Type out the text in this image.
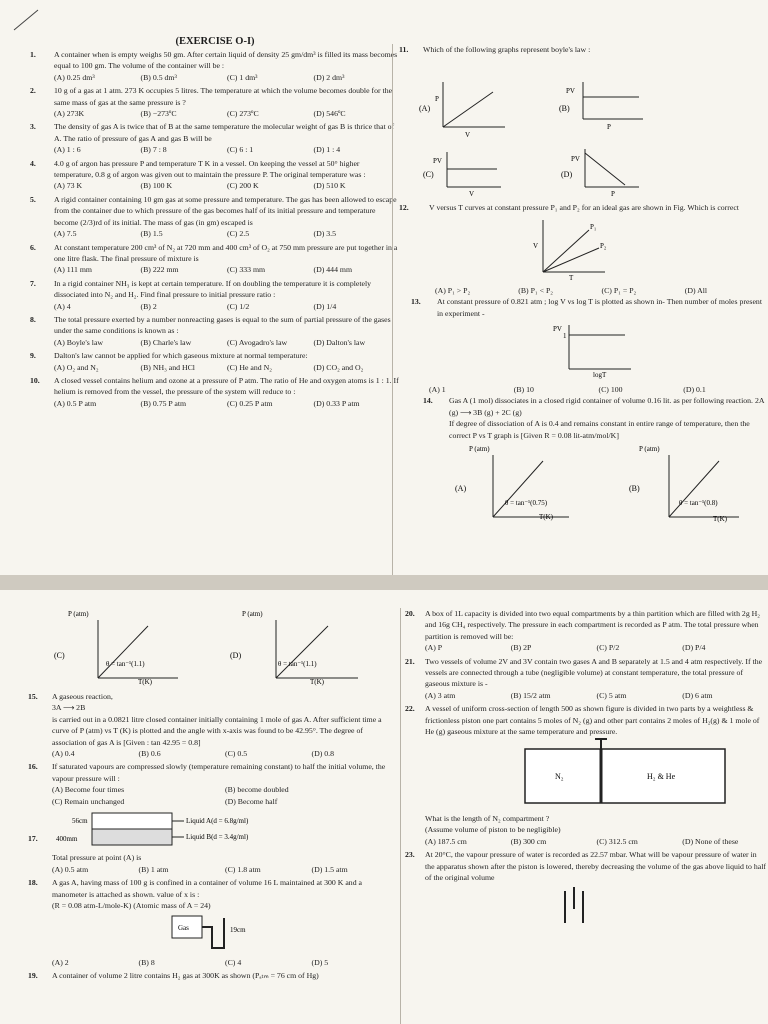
(EXERCISE O-I)
1. A container when is empty weighs 50 gm. After certain liquid of density 25 gm/dm³ is filled its mass becomes equal to 100 gm. The volume of the container will be :
(A) 0.25 dm³	(B) 0.5 dm³	(C) 1 dm³	(D) 2 dm³
2. 10 g of a gas at 1 atm. 273 K occupies 5 litres. The temperature at which the volume becomes double for the same mass of gas at the same pressure is ?
(A) 273K	(B) −273ºC	(C) 273ºC	(D) 546ºC
3. The density of gas A is twice that of B at the same temperature the molecular weight of gas B is thrice that of A. The ratio of pressure of gas A and gas B will be
(A) 1 : 6	(B) 7 : 8	(C) 6 : 1	(D) 1 : 4
4. 4.0 g of argon has pressure P and temperature T K in a vessel. On keeping the vessel at 50° higher temperature, 0.8 g of argon was given out to maintain the pressure P. The original temperature was :
(A) 73 K	(B) 100 K	(C) 200 K	(D) 510 K
5. A rigid container containing 10 gm gas at some pressure and temperature. The gas has been allowed to escape from the container due to which pressure of the gas becomes half of its initial pressure and temperature become (2/3)rd of its initial. The mass of gas (in gm) escaped is
(A) 7.5	(B) 1.5	(C) 2.5	(D) 3.5
6. At constant temperature 200 cm³ of N₂ at 720 mm and 400 cm³ of O₂ at 750 mm pressure are put together in a one litre flask. The final pressure of mixture is
(A) 111 mm	(B) 222 mm	(C) 333 mm	(D) 444 mm
7. In a rigid container NH₃ is kept at certain temperature. If on doubling the temperature it is completely dissociated into N₂ and H₂. Find final pressure to initial pressure ratio :
(A) 4	(B) 2	(C) 1/2	(D) 1/4
8. The total pressure exerted by a number nonreacting gases is equal to the sum of partial pressure of the gases under the same conditions is known as :
(A) Boyle's law	(B) Charle's law	(C) Avogadro's law	(D) Dalton's law
9. Dalton's law cannot be applied for which gaseous mixture at normal temperature:
(A) O₂ and N₂	(B) NH₃ and HCl	(C) He and N₂	(D) CO₂ and O₂
10. A closed vessel contains helium and ozone at a pressure of P atm. The ratio of He and oxygen atoms is 1 : 1. If helium is removed from the vessel, the pressure of the system will reduce to :
(A) 0.5 P atm	(B) 0.75 P atm	(C) 0.25 P atm	(D) 0.33 P atm
11. Which of the following graphs represent boyle's law :
(A)
P
V
(B)
PV
P
(C)
PV
V
(D)
PV
P
12.	V versus T curves at constant pressure P₁ and P₂ for an ideal gas are shown in Fig. Which is correct
P₁
P₂
V
T
(A) P₁ > P₂	(B) P₁ < P₂	(C) P₁ = P₂	(D) All
13. At constant pressure of 0.821 atm ; log V vs log T is plotted as shown in- Then number of moles present in experiment -
PV
1
logT
(A) 1	(B) 10	(C) 100	(D) 0.1
14. Gas A (1 mol) dissociates in a closed rigid container of volume 0.16 lit. as per following reaction. 2A (g) ⟶ 3B (g) + 2C (g)
If degree of dissociation of A is 0.4 and remains constant in entire range of temperature, then the correct P vs T graph is [Given R = 0.08 lit-atm/mol/K]
(A)
P (atm)
θ = tan⁻¹(0.75)
T(K)
(B)
P (atm)
θ = tan⁻¹(0.8)
T(K)
(C)
P (atm)
θ = tan⁻¹(1.1)
T(K)
(D)
P (atm)
θ = tan⁻¹(1.1)
T(K)
15. A gaseous reaction,
3A ⟶ 2B
is carried out in a 0.0821 litre closed container initially containing 1 mole of gas A. After sufficient time a curve of P (atm) vs T (K) is plotted and the angle with x-axis was found to be 42.95°. The degree of association of gas A is [Given : tan 42.95 = 0.8]
(A) 0.4	(B) 0.6	(C) 0.5	(D) 0.8
16. If saturated vapours are compressed slowly (temperature remaining constant) to half the initial volume, the vapour pressure will :
(A) Become four times	(B) become doubled
(C) Remain unchanged	(D) Become half
17.
56cm
400mm
Liquid A(d = 6.8g/ml)
Liquid B(d = 3.4g/ml)
Total pressure at point (A) is
(A) 0.5 atm	(B) 1 atm	(C) 1.8 atm	(D) 1.5 atm
18. A gas A, having mass of 100 g is confined in a container of volume 16 L maintained at 300 K and a manometer is attached as shown. value of x is :
(R = 0.08 atm-L/mole-K) (Atomic mass of A = 24)
Gas	19cm
(A) 2	(B) 8	(C) 4	(D) 5
19. A container of volume 2 litre contains H₂ gas at 300K as shown (Pₐₜₘ = 76 cm of Hg)
20. A box of 1L capacity is divided into two equal compartments by a thin partition which are filled with 2g H₂ and 16g CH₄ respectively. The pressure in each compartment is recorded as P atm. The total pressure when partition is removed will be:
(A) P	(B) 2P	(C) P/2	(D) P/4
21. Two vessels of volume 2V and 3V contain two gases A and B separately at 1.5 and 4 atm respectively. If the vessels are connected through a tube (negligible volume) at constant temperature, the total pressure of gaseous mixture is -
(A) 3 atm	(B) 15/2 atm	(C) 5 atm	(D) 6 atm
22. A vessel of uniform cross-section of length 500 as shown figure is divided in two parts by a weightless & frictionless piston one part contains 5 moles of N₂ (g) and other part contains 2 moles of H₂(g) & 1 mole of He (g) gaseous mixture at the same temperature and pressure.
N₂	H₂ & He
What is the length of N₂ compartment ?
(Assume volume of piston to be negligible)
(A) 187.5 cm	(B) 300 cm	(C) 312.5 cm	(D) None of these
23. At 20°C, the vapour pressure of water is recorded as 22.57 mbar. What will be vapour pressure of water in the apparatus shown after the piston is lowered, thereby decreasing the volume of the gas above liquid to half of the original volume
